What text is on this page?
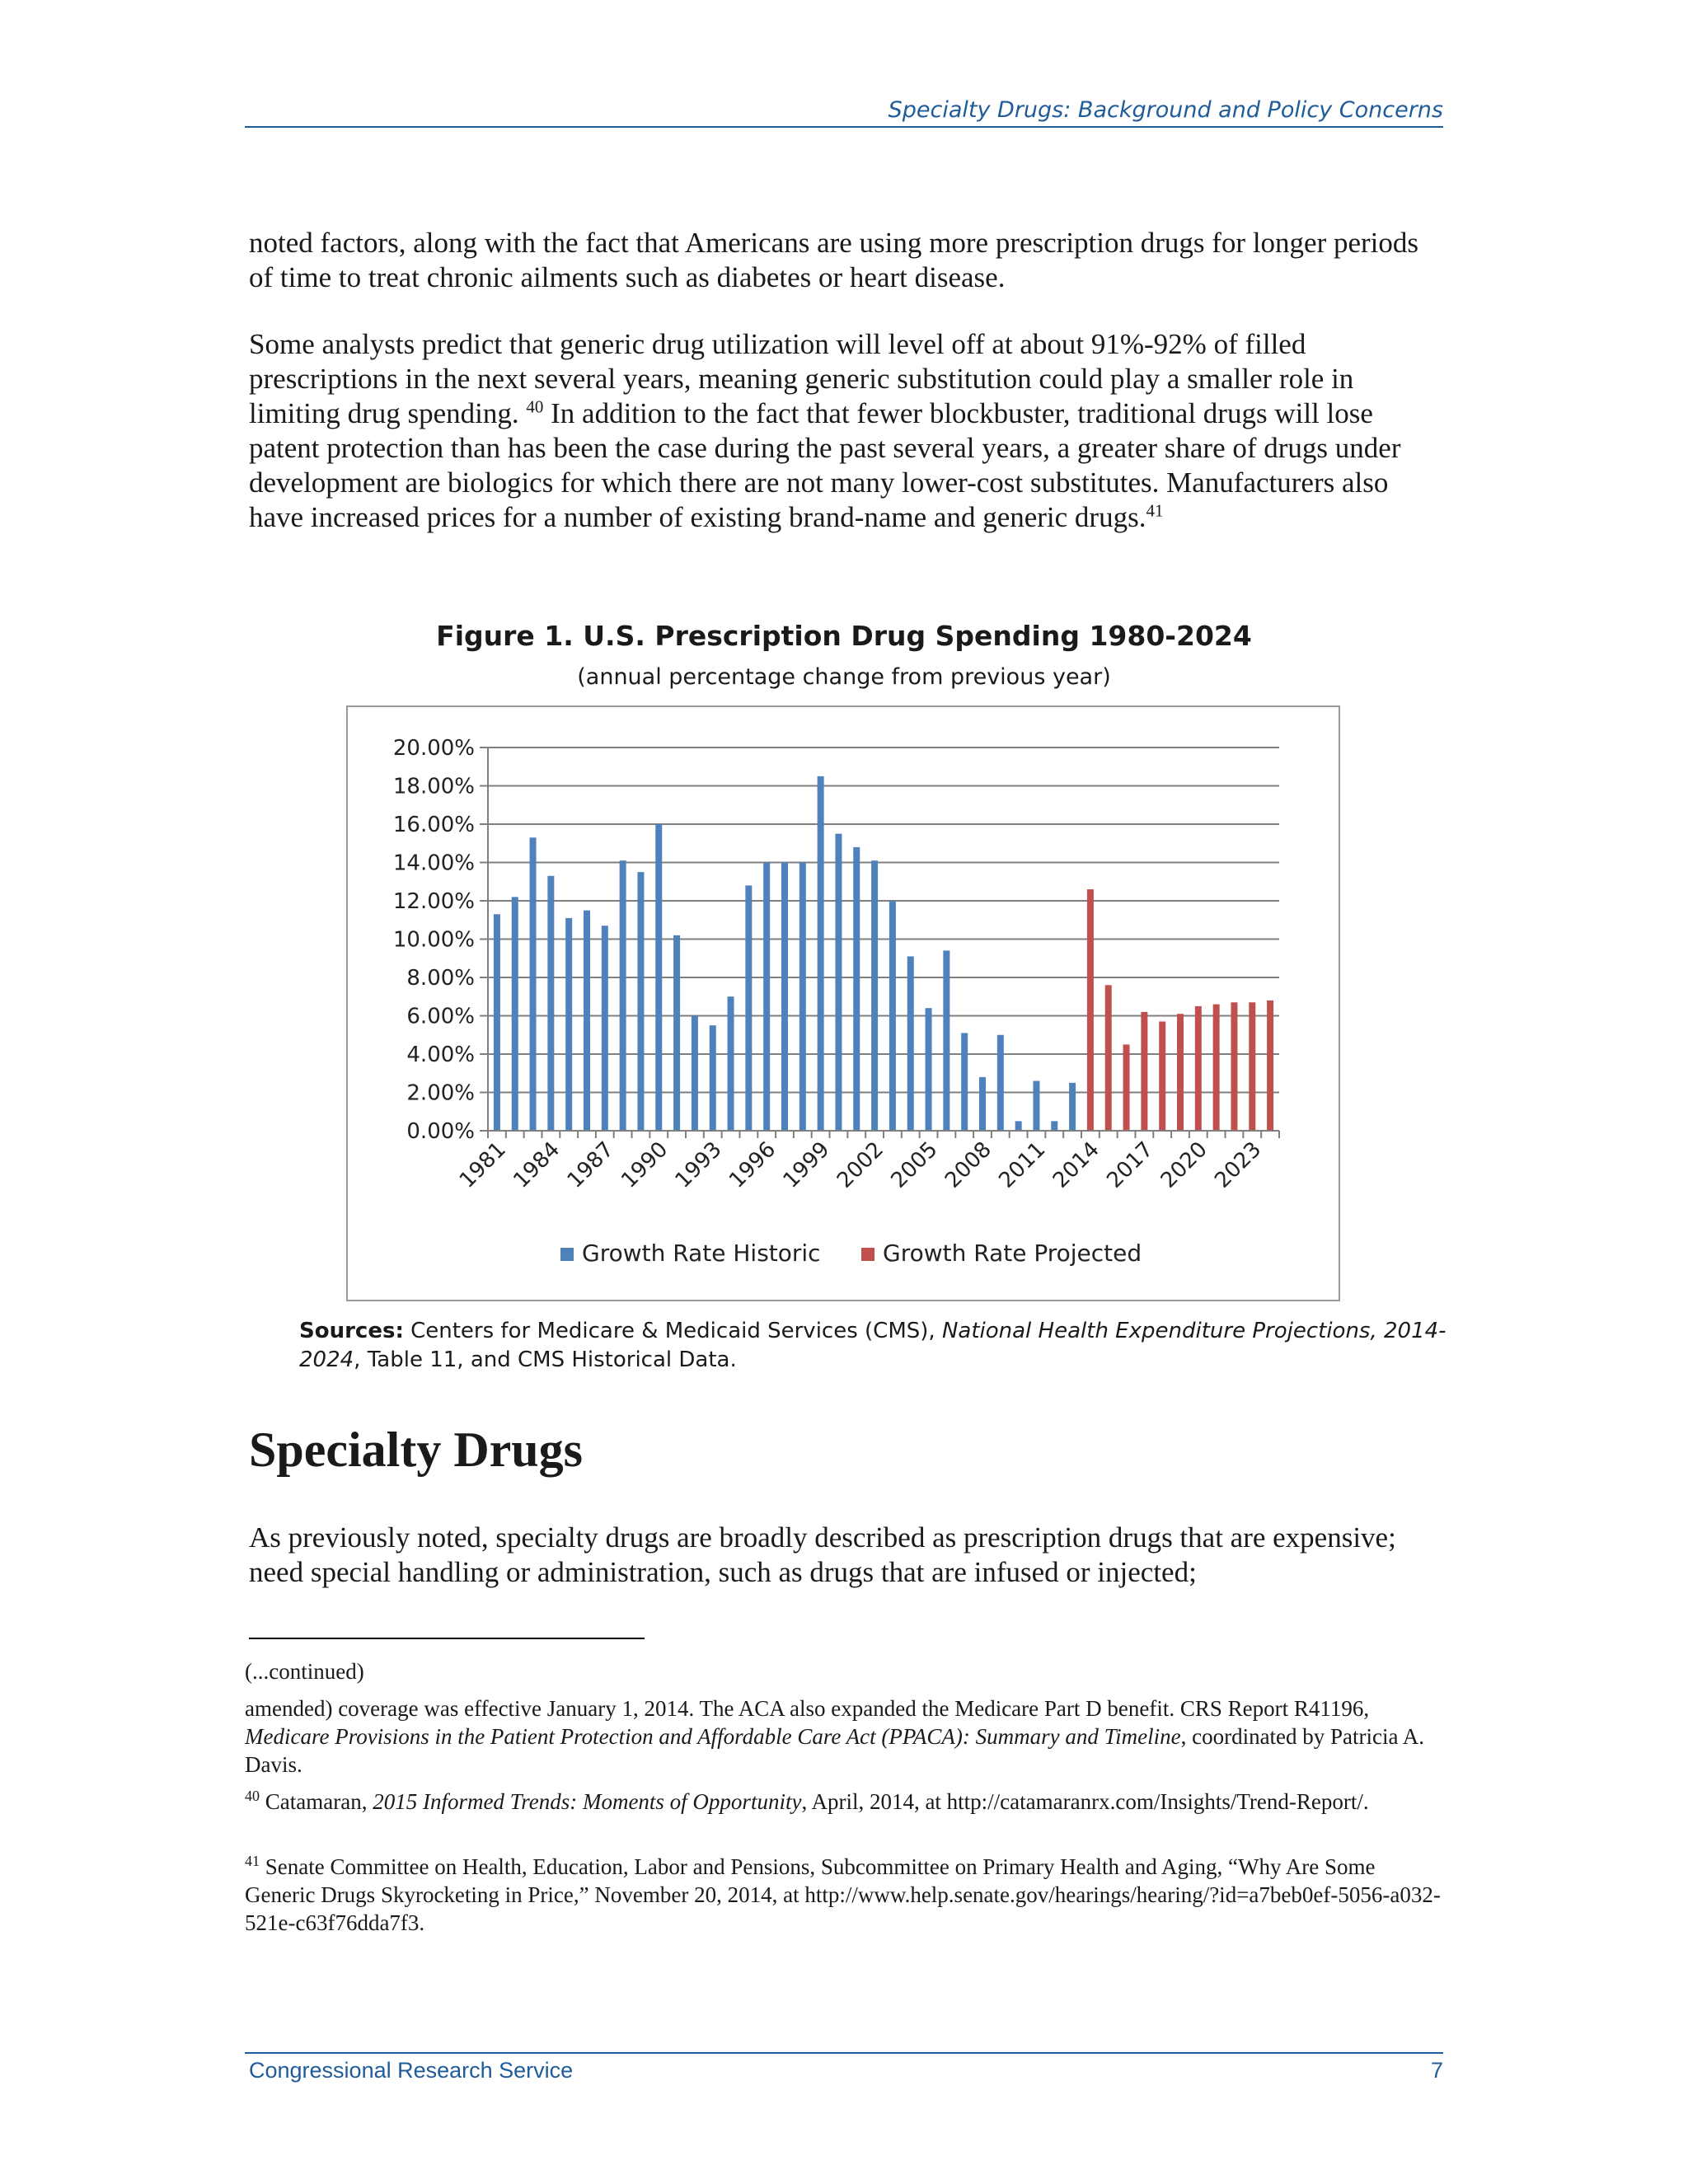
Specialty Drugs: Background and Policy Concerns

noted factors, along with the fact that Americans are using more prescription drugs for longer periods of time to treat chronic ailments such as diabetes or heart disease.

Some analysts predict that generic drug utilization will level off at about 91%-92% of filled prescriptions in the next several years, meaning generic substitution could play a smaller role in limiting drug spending. $^{40}$ In addition to the fact that fewer blockbuster, traditional drugs will lose patent protection than has been the case during the past several years, a greater share of drugs under development are biologics for which there are not many lower-cost substitutes. Manufacturers also have increased prices for a number of existing brand-name and generic drugs.$^{41}$

Figure 1. U.S. Prescription Drug Spending 1980-2024
(annual percentage change from previous year)
0.00%
2.00%
4.00%
6.00%
8.00%
10.00%
12.00%
14.00%
16.00%
18.00%
20.00%
1981
1984
1987
1990
1993
1996
1999
2002
2005
2008
2011
2014
2017
2020
2023
Growth Rate Historic	Growth Rate Projected
Sources: Centers for Medicare & Medicaid Services (CMS), National Health Expenditure Projections, 2014-2024, Table 11, and CMS Historical Data.
Specialty Drugs

As previously noted, specialty drugs are broadly described as prescription drugs that are expensive; need special handling or administration, such as drugs that are infused or injected;

(...continued)

amended) coverage was effective January 1, 2014. The ACA also expanded the Medicare Part D benefit. CRS Report R41196, Medicare Provisions in the Patient Protection and Affordable Care Act (PPACA): Summary and Timeline, coordinated by Patricia A. Davis.

$^{40}$ Catamaran, 2015 Informed Trends: Moments of Opportunity, April, 2014, at http://catamaranrx.com/Insights/Trend-Report/.

$^{41}$ Senate Committee on Health, Education, Labor and Pensions, Subcommittee on Primary Health and Aging, “Why Are Some Generic Drugs Skyrocketing in Price,” November 20, 2014, at http://www.help.senate.gov/hearings/hearing/?id=a7beb0ef-5056-a032-521e-c63f76dda7f3.

Congressional Research Service	7
